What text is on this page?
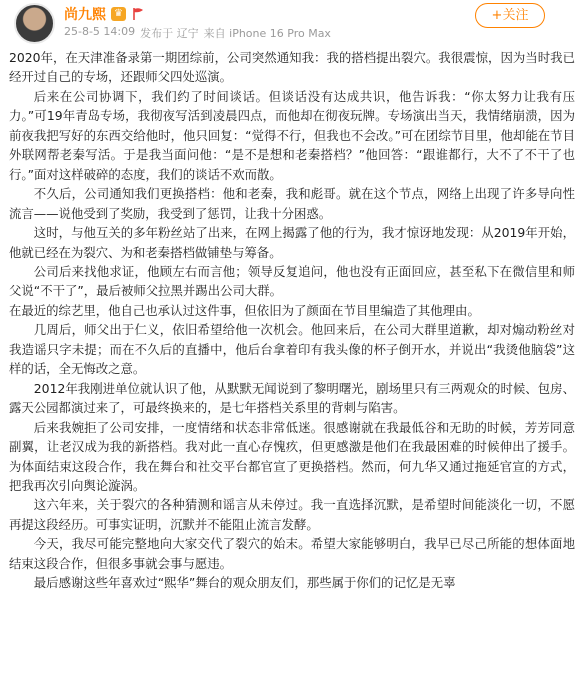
尚九熙 ♛
25-8-5 14:09 发布于 辽宁 来自 iPhone 16 Pro Max
+关注

2020年，在天津准备录第一期团综前，公司突然通知我：我的搭档提出裂穴。我很震惊，因为当时我已经开过自己的专场，还跟师父四处巡演。

后来在公司协调下，我们约了时间谈话。但谈话没有达成共识，他告诉我：“你太努力让我有压力。”可19年青岛专场，我彻夜写活到凌晨四点，而他却在彻夜玩牌。专场演出当天，我情绪崩溃，因为前夜我把写好的东西交给他时，他只回复：“觉得不行，但我也不会改。”可在团综节目里，他却能在节目外联网帮老秦写活。于是我当面问他：“是不是想和老秦搭档？”他回答：“跟谁都行，大不了不干了也行。”面对这样破碎的态度，我们的谈话不欢而散。

不久后，公司通知我们更换搭档：他和老秦，我和彪哥。就在这个节点，网络上出现了许多导向性流言——说他受到了奖励，我受到了惩罚，让我十分困惑。

这时，与他互关的多年粉丝站了出来，在网上揭露了他的行为，我才惊讶地发现：从2019年开始，他就已经在为裂穴、为和老秦搭档做铺垫与筹备。

公司后来找他求证，他顾左右而言他；领导反复追问，他也没有正面回应，甚至私下在微信里和师父说“不干了”，最后被师父拉黑并踢出公司大群。

在最近的综艺里，他自己也承认过这件事，但依旧为了颜面在节目里编造了其他理由。

几周后，师父出于仁义，依旧希望给他一次机会。他回来后，在公司大群里道歉，却对煽动粉丝对我造谣只字未提；而在不久后的直播中，他后台拿着印有我头像的杯子倒开水，并说出“我烫他脑袋”这样的话，全无悔改之意。

2012年我刚进单位就认识了他，从默默无闻说到了黎明曙光，剧场里只有三两观众的时候、包房、露天公园都演过来了，可最终换来的，是七年搭档关系里的背刺与陷害。

后来我婉拒了公司安排，一度情绪和状态非常低迷。很感谢就在我最低谷和无助的时候，芳芳同意副翼，让老汉成为我的新搭档。我对此一直心存愧疚，但更感激是他们在我最困难的时候伸出了援手。为体面结束这段合作，我在舞台和社交平台都官宣了更换搭档。然而，何九华又通过拖延官宣的方式，把我再次引向舆论漩涡。

这六年来，关于裂穴的各种猜测和谣言从未停过。我一直选择沉默，是希望时间能淡化一切，不愿再提这段经历。可事实证明，沉默并不能阻止流言发酵。

今天，我尽可能完整地向大家交代了裂穴的始末。希望大家能够明白，我早已尽己所能的想体面地结束这段合作，但很多事就会事与愿违。

最后感谢这些年喜欢过“熙华”舞台的观众朋友们，那些属于你们的记忆是无辜
